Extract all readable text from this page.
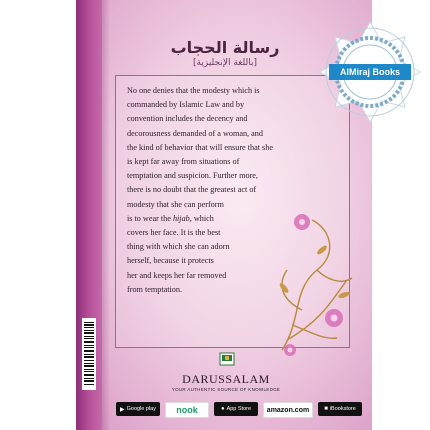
رسالة الحجاب
[باللغة الإنجليزية]

No one denies that the modesty which is

commanded by Islamic Law and by

convention includes the decency and

decorousness demanded of a woman, and

the kind of behavior that will ensure that she

is kept far away from situations of

temptation and suspicion. Further more,

there is no doubt that the greatest act of

modesty that she can perform

is to wear the hijab, which

covers her face. It is the best

thing with which she can adorn

herself, because it protects

her and keeps her far removed

from temptation.

AlMiraj Books
DARUSSALAM
YOUR AUTHENTIC SOURCE OF KNOWLEDGE
▶ Google play nook	● App Store amazon.com ■ iBookstore
